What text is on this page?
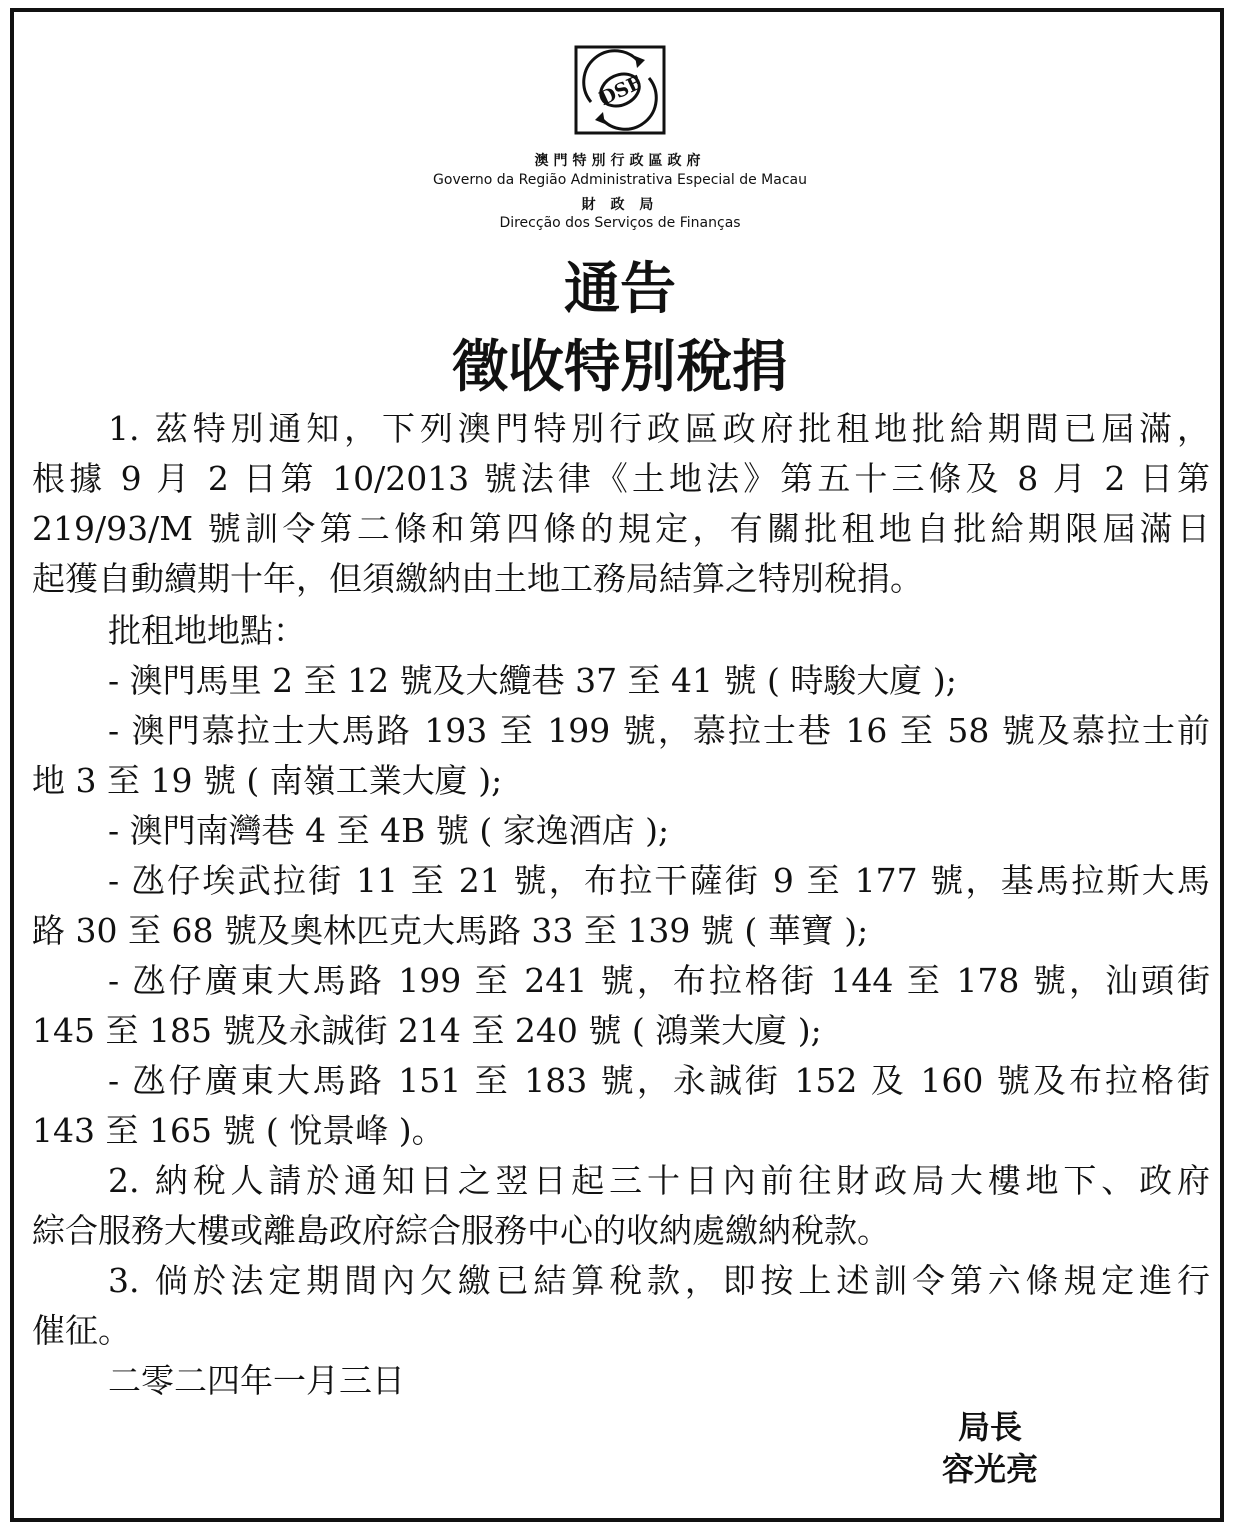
DSF
澳門特別行政區政府
Governo da Região Administrativa Especial de Macau
財 政 局
Direcção dos Serviços de Finanças
通告
徵收特別稅捐
1. 茲特別通知，下列澳門特別行政區政府批租地批給期間已屆滿，
根據 9 月 2 日第 10/2013 號法律《土地法》第五十三條及 8 月 2 日第
219/93/M 號訓令第二條和第四條的規定，有關批租地自批給期限屆滿日
起獲自動續期十年，但須繳納由土地工務局結算之特別稅捐。
批租地地點：
- 澳門馬里 2 至 12 號及大纜巷 37 至 41 號 ( 時駿大廈 );
- 澳門慕拉士大馬路 193 至 199 號，慕拉士巷 16 至 58 號及慕拉士前
地 3 至 19 號 ( 南嶺工業大廈 );
- 澳門南灣巷 4 至 4B 號 ( 家逸酒店 );
- 氹仔埃武拉街 11 至 21 號，布拉干薩街 9 至 177 號，基馬拉斯大馬
路 30 至 68 號及奧林匹克大馬路 33 至 139 號 ( 華寶 );
- 氹仔廣東大馬路 199 至 241 號，布拉格街 144 至 178 號，汕頭街
145 至 185 號及永誠街 214 至 240 號 ( 鴻業大廈 );
- 氹仔廣東大馬路 151 至 183 號，永誠街 152 及 160 號及布拉格街
143 至 165 號 ( 悅景峰 )。
2. 納稅人請於通知日之翌日起三十日內前往財政局大樓地下、政府
綜合服務大樓或離島政府綜合服務中心的收納處繳納稅款。
3. 倘於法定期間內欠繳已結算稅款，即按上述訓令第六條規定進行
催征。
二零二四年一月三日
局長
容光亮
